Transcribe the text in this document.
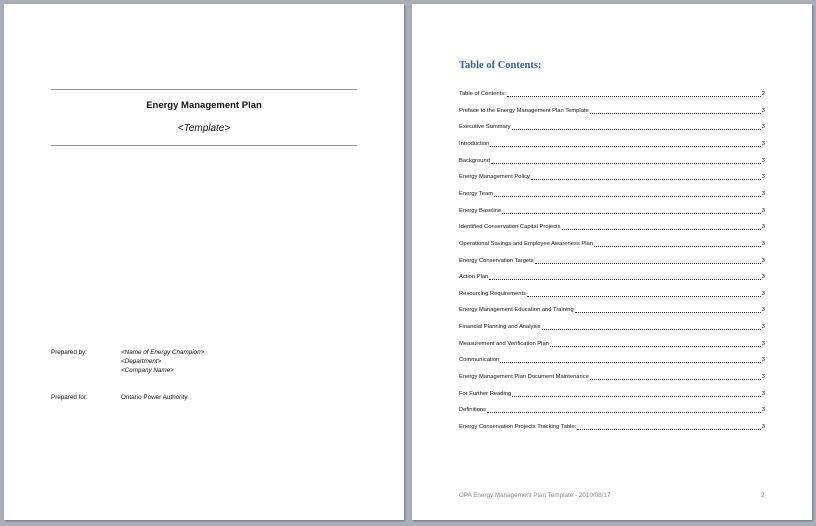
Energy Management Plan
<Template>
Prepared by:	<Name of Energy Champion>
<Department>
<Company Name>
Prepared for:	Ontario Power Authority
Table of Contents:
Table of Contents:	2
Preface to the Energy Management Plan Template	3
Executive Summary	3
Introduction	3
Background	3
Energy Management Policy	3
Energy Team	3
Energy Baseline	3
Identified Conservation Capital Projects	3
Operational Savings and Employee Awareness Plan	3
Energy Conservation Targets	3
Action Plan	3
Resourcing Requirements	3
Energy Management Education and Training	3
Financial Planning and Analysis	3
Measurement and Verification Plan	3
Communication	3
Energy Management Plan Document Maintenance	3
For Further Reading	3
Definitions	3
Energy Conservation Projects Tracking Table:	3
OPA Energy Management Plan Template - 2010/08/17	2
